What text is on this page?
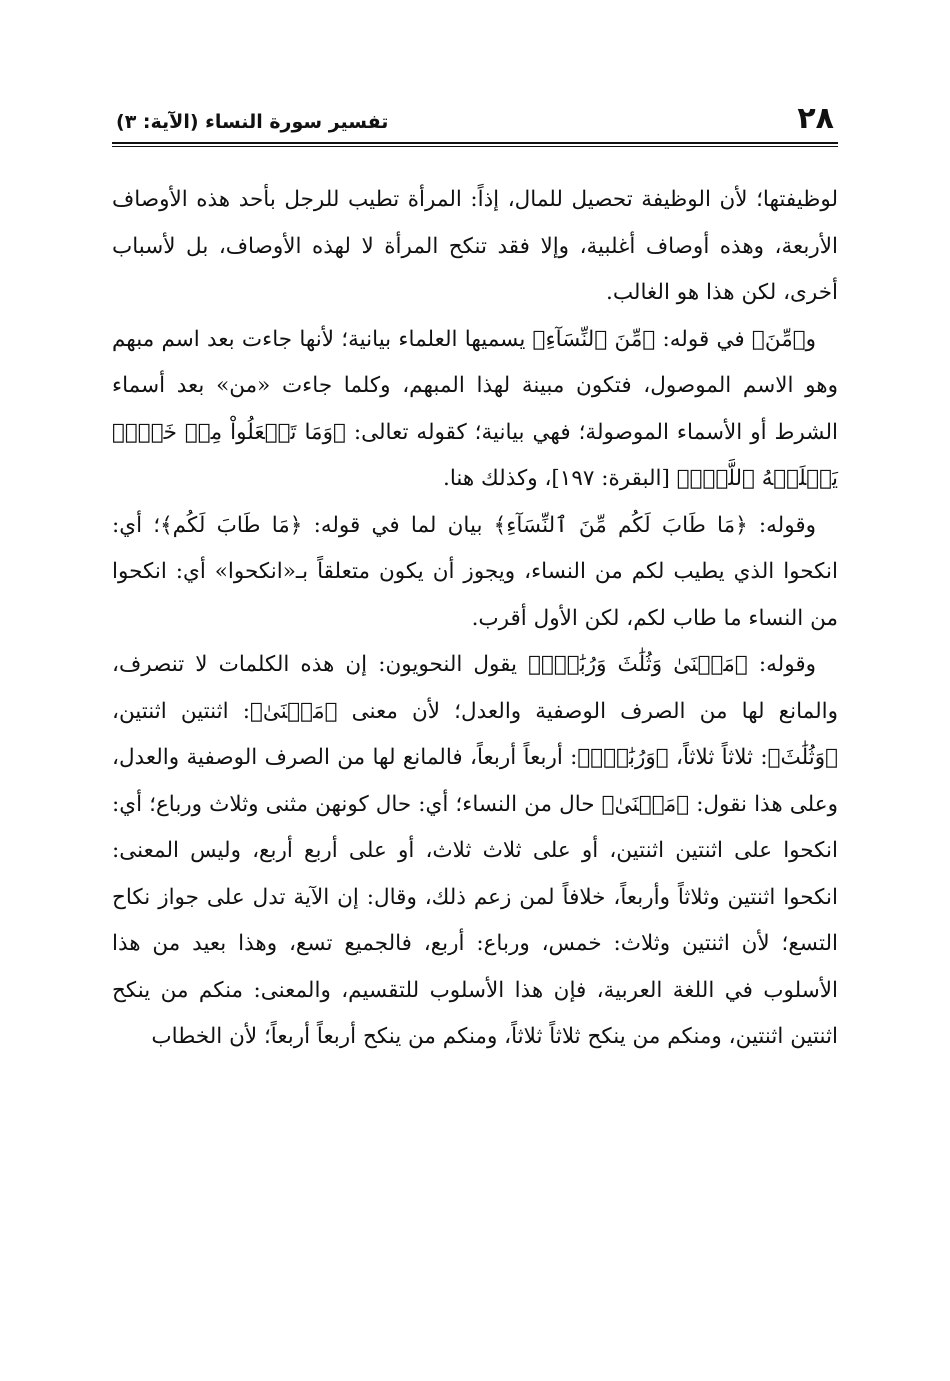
٢٨
تفسير سورة النساء (الآية: ٣)

لوظيفتها؛ لأن الوظيفة تحصيل للمال، إذاً: المرأة تطيب للرجل بأحد هذه الأوصاف الأربعة، وهذه أوصاف أغلبية، وإلا فقد تنكح المرأة لا لهذه الأوصاف، بل لأسباب أخرى، لكن هذا هو الغالب.

و﴿مِّنَ﴾ في قوله: ﴿مِّنَ ٱلنِّسَآءِ﴾ يسميها العلماء بيانية؛ لأنها جاءت بعد اسم مبهم وهو الاسم الموصول، فتكون مبينة لهذا المبهم، وكلما جاءت «من» بعد أسماء الشرط أو الأسماء الموصولة؛ فهي بيانية؛ كقوله تعالى: ﴿وَمَا تَفۡعَلُواْ مِنۡ خَيۡرٖ يَعۡلَمۡهُ ٱللَّهُۗ﴾ [البقرة: ١٩٧]، وكذلك هنا.

وقوله: ﴿مَا طَابَ لَكُم مِّنَ ٱلنِّسَآءِ﴾ بيان لما في قوله: ﴿مَا طَابَ لَكُم﴾؛ أي: انكحوا الذي يطيب لكم من النساء، ويجوز أن يكون متعلقاً بـ«انكحوا» أي: انكحوا من النساء ما طاب لكم، لكن الأول أقرب.

وقوله: ﴿مَثۡنَىٰ وَثُلَٰثَ وَرُبَٰعَۖ﴾ يقول النحويون: إن هذه الكلمات لا تنصرف، والمانع لها من الصرف الوصفية والعدل؛ لأن معنى ﴿مَثۡنَىٰ﴾: اثنتين اثنتين، ﴿وَثُلَٰثَ﴾: ثلاثاً ثلاثاً، ﴿وَرُبَٰعَۖ﴾: أربعاً أربعاً، فالمانع لها من الصرف الوصفية والعدل، وعلى هذا نقول: ﴿مَثۡنَىٰ﴾ حال من النساء؛ أي: حال كونهن مثنى وثلاث ورباع؛ أي: انكحوا على اثنتين اثنتين، أو على ثلاث ثلاث، أو على أربع أربع، وليس المعنى: انكحوا اثنتين وثلاثاً وأربعاً، خلافاً لمن زعم ذلك، وقال: إن الآية تدل على جواز نكاح التسع؛ لأن اثنتين وثلاث: خمس، ورباع: أربع، فالجميع تسع، وهذا بعيد من هذا الأسلوب في اللغة العربية، فإن هذا الأسلوب للتقسيم، والمعنى: منكم من ينكح اثنتين اثنتين، ومنكم من ينكح ثلاثاً ثلاثاً، ومنكم من ينكح أربعاً أربعاً؛ لأن الخطاب
